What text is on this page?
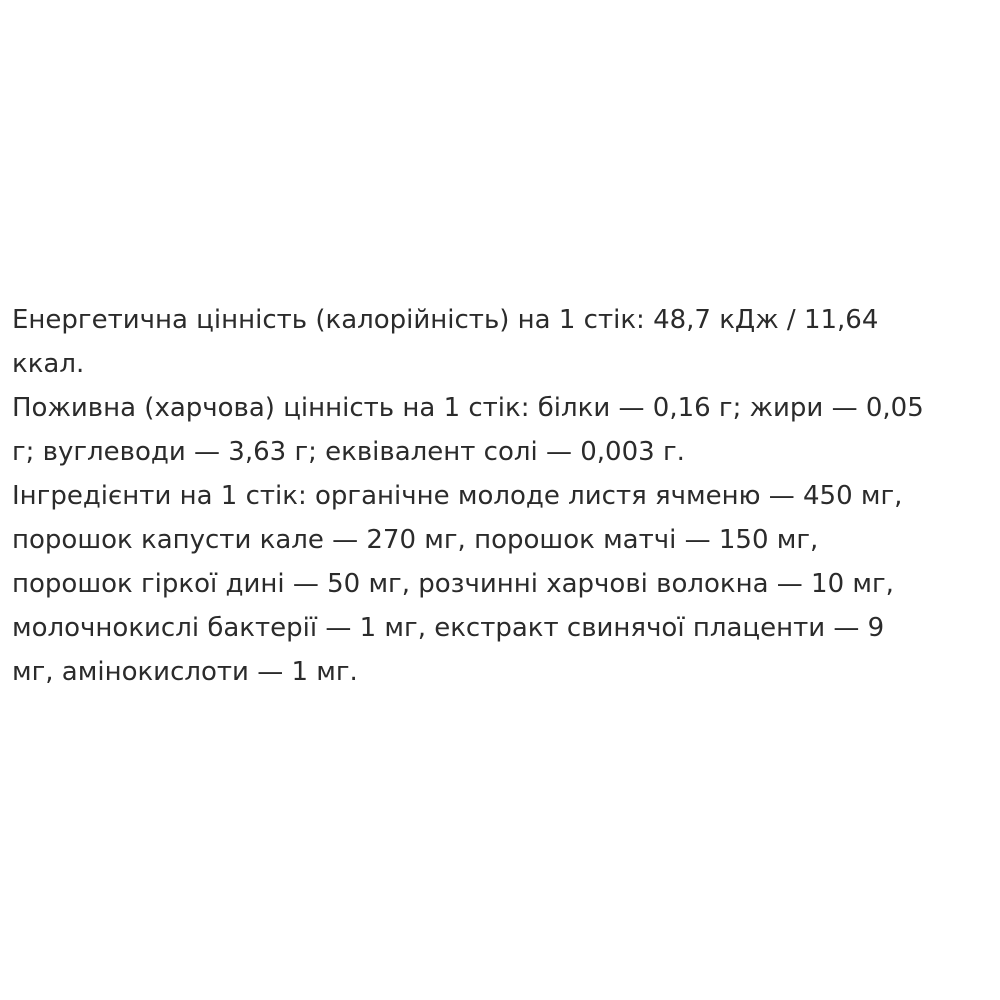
Енергетична цінність (калорійність) на 1 стік: 48,7 кДж / 11,64
ккал.
Поживна (харчова) цінність на 1 стік: білки — 0,16 г; жири — 0,05
г; вуглеводи — 3,63 г; еквівалент солі — 0,003 г.
Інгредієнти на 1 стік: органічне молоде листя ячменю — 450 мг,
порошок капусти кале — 270 мг, порошок матчі — 150 мг,
порошок гіркої дині — 50 мг, розчинні харчові волокна — 10 мг,
молочнокислі бактерії — 1 мг, екстракт свинячої плаценти — 9
мг, амінокислоти — 1 мг.
